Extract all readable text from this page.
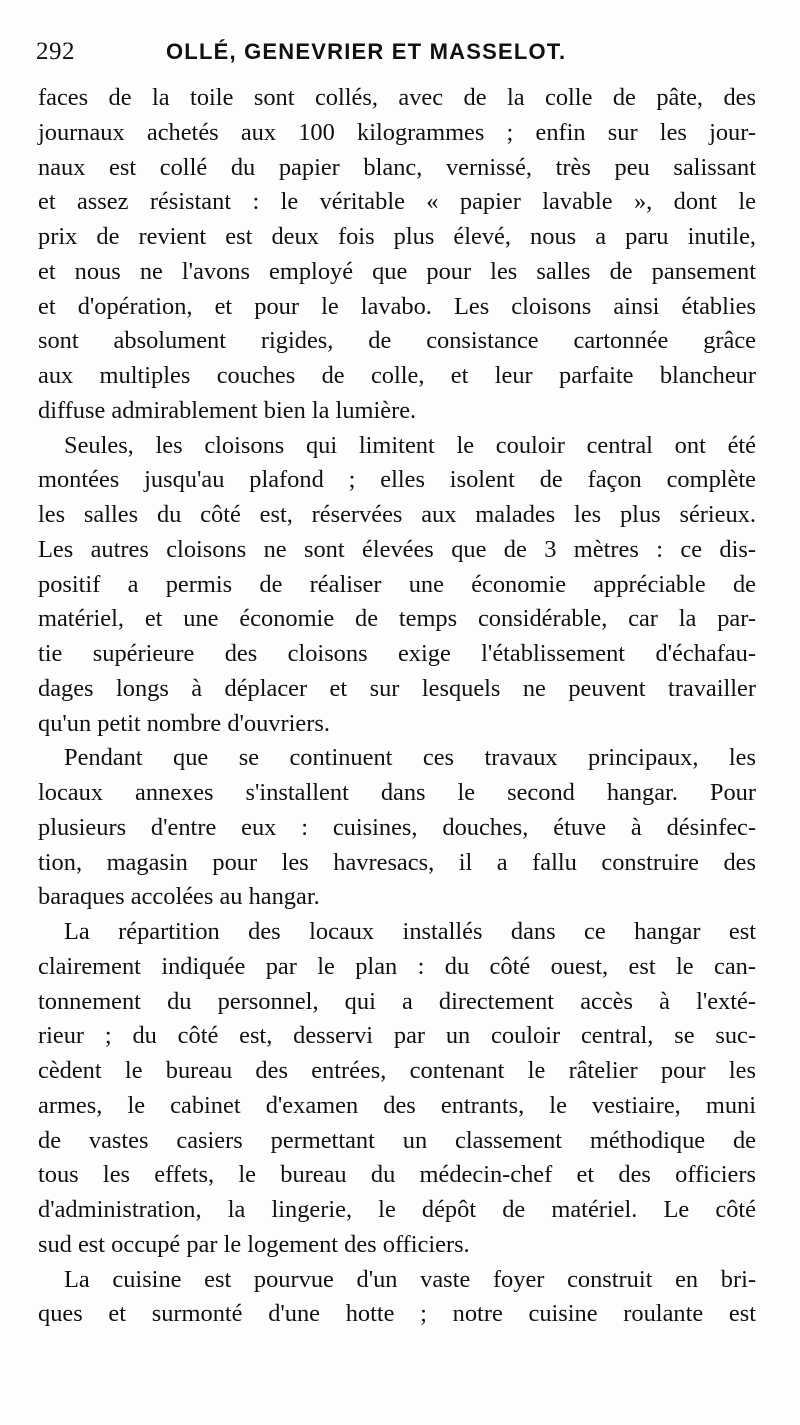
292	OLLÉ, GENEVRIER ET MASSELOT.
faces de la toile sont collés, avec de la colle de pâte, des
journaux achetés aux 100 kilogrammes ; enfin sur les jour-
naux est collé du papier blanc, vernissé, très peu salissant
et assez résistant : le véritable « papier lavable », dont le
prix de revient est deux fois plus élevé, nous a paru inutile,
et nous ne l'avons employé que pour les salles de pansement
et d'opération, et pour le lavabo. Les cloisons ainsi établies
sont absolument rigides, de consistance cartonnée grâce
aux multiples couches de colle, et leur parfaite blancheur
diffuse admirablement bien la lumière.
Seules, les cloisons qui limitent le couloir central ont été
montées jusqu'au plafond ; elles isolent de façon complète
les salles du côté est, réservées aux malades les plus sérieux.
Les autres cloisons ne sont élevées que de 3 mètres : ce dis-
positif a permis de réaliser une économie appréciable de
matériel, et une économie de temps considérable, car la par-
tie supérieure des cloisons exige l'établissement d'échafau-
dages longs à déplacer et sur lesquels ne peuvent travailler
qu'un petit nombre d'ouvriers.
Pendant que se continuent ces travaux principaux, les
locaux annexes s'installent dans le second hangar. Pour
plusieurs d'entre eux : cuisines, douches, étuve à désinfec-
tion, magasin pour les havresacs, il a fallu construire des
baraques accolées au hangar.
La répartition des locaux installés dans ce hangar est
clairement indiquée par le plan : du côté ouest, est le can-
tonnement du personnel, qui a directement accès à l'exté-
rieur ; du côté est, desservi par un couloir central, se suc-
cèdent le bureau des entrées, contenant le râtelier pour les
armes, le cabinet d'examen des entrants, le vestiaire, muni
de vastes casiers permettant un classement méthodique de
tous les effets, le bureau du médecin-chef et des officiers
d'administration, la lingerie, le dépôt de matériel. Le côté
sud est occupé par le logement des officiers.
La cuisine est pourvue d'un vaste foyer construit en bri-
ques et surmonté d'une hotte ; notre cuisine roulante est
